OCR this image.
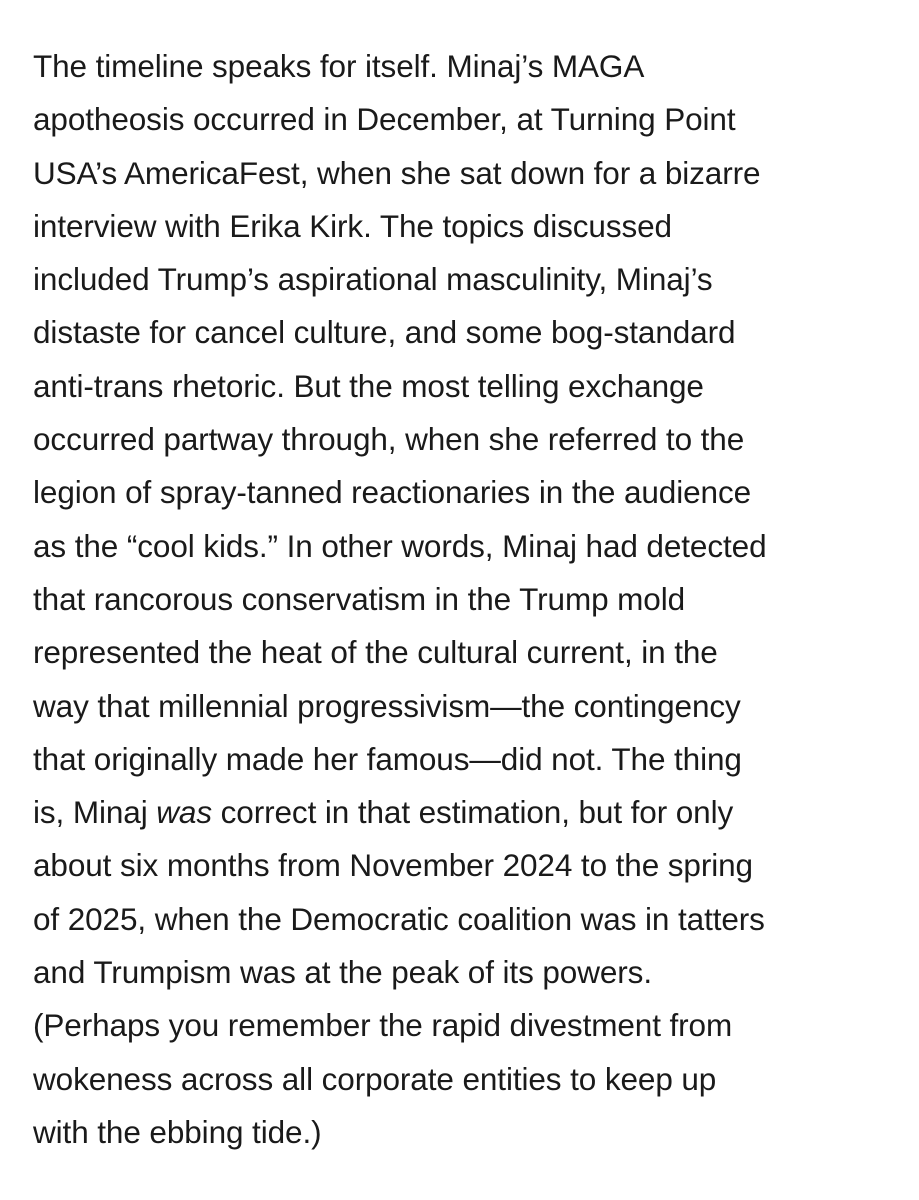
The timeline speaks for itself. Minaj’s MAGA
apotheosis occurred in December, at Turning Point
USA’s AmericaFest, when she sat down for a bizarre
interview with Erika Kirk. The topics discussed
included Trump’s aspirational masculinity, Minaj’s
distaste for cancel culture, and some bog-standard
anti-trans rhetoric. But the most telling exchange
occurred partway through, when she referred to the
legion of spray-tanned reactionaries in the audience
as the “cool kids.” In other words, Minaj had detected
that rancorous conservatism in the Trump mold
represented the heat of the cultural current, in the
way that millennial progressivism—the contingency
that originally made her famous—did not. The thing
is, Minaj was correct in that estimation, but for only
about six months from November 2024 to the spring
of 2025, when the Democratic coalition was in tatters
and Trumpism was at the peak of its powers.
(Perhaps you remember the rapid divestment from
wokeness across all corporate entities to keep up
with the ebbing tide.)
